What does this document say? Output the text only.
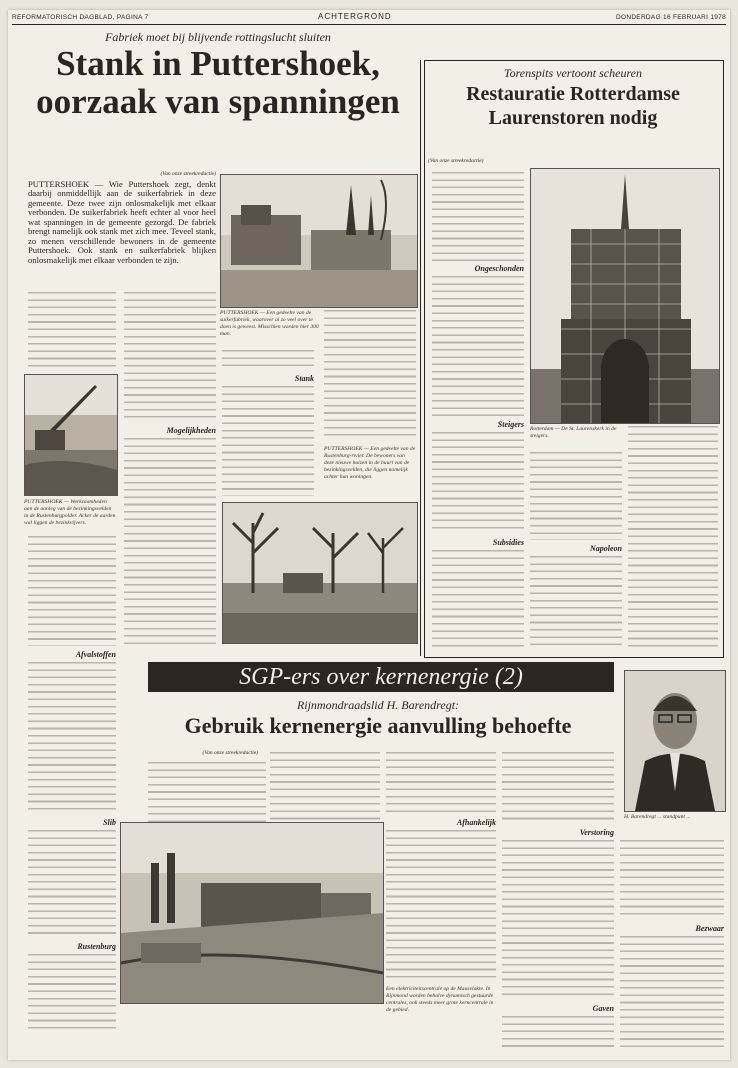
REFORMATORISCH DAGBLAD, PAGINA 7	ACHTERGROND	DONDERDAG 16 FEBRUARI 1978
Fabriek moet bij blijvende rottingslucht sluiten
Stank in Puttershoek,
oorzaak van spanningen
(Van onze streekredactie)
PUTTERSHOEK — Wie Puttershoek zegt, denkt daarbij onmiddellijk aan de suikerfabriek in deze gemeente. Deze twee zijn onlosmakelijk met elkaar verbonden. De suikerfabriek heeft echter al voor heel wat spanningen in de gemeente gezorgd. De fabriek brengt namelijk ook stank met zich mee. Teveel stank, zo menen verschillende bewoners in de gemeente Puttershoek. Ook stank en suikerfabriek blijken onlosmakelijk met elkaar verbonden te zijn.
PUTTERSHOEK — Een gedeelte van de suikerfabriek, waarover al zo veel over te doen is geweest. Misschien worden hier 300 man.
PUTTERSHOEK — Werkzaamheden aan de aanleg van de bezinkingsvelden in de Rustenburgpolder. Acker de aarden wal liggen de bezinkvijvers.
Afvalstoffen
Slib
Rustenburg
Mogelijkheden
Stank
PUTTERSHOEK — Een gedeelte van de Rustenburg-rivier. De bewoners van deze nieuwe huizen in de buurt van de bezinkingsvelden, die liggen namelijk achter hun woningen.
Torenspits vertoont scheuren
Restauratie Rotterdamse
Laurenstoren nodig
(Van onze streekredactie)
Ongeschonden
Steigers
Subsidies
Rotterdam — De St. Laurenskerk in de steigers.
Napoleon
SGP-ers over kernenergie (2)
Rijnmondraadslid H. Barendregt:
Gebruik kernenergie aanvulling behoefte
(Van onze streekredactie)
H. Barendregt ... standpunt ...
Afhankelijk
Verstoring
Gaven
Bezwaar
Een elektriciteitscentrale op de Maasvlakte. In Rijnmond worden behalve dynamisch gestuurde centrales, ook steeds meer grote kerncentrale in de gebied.
